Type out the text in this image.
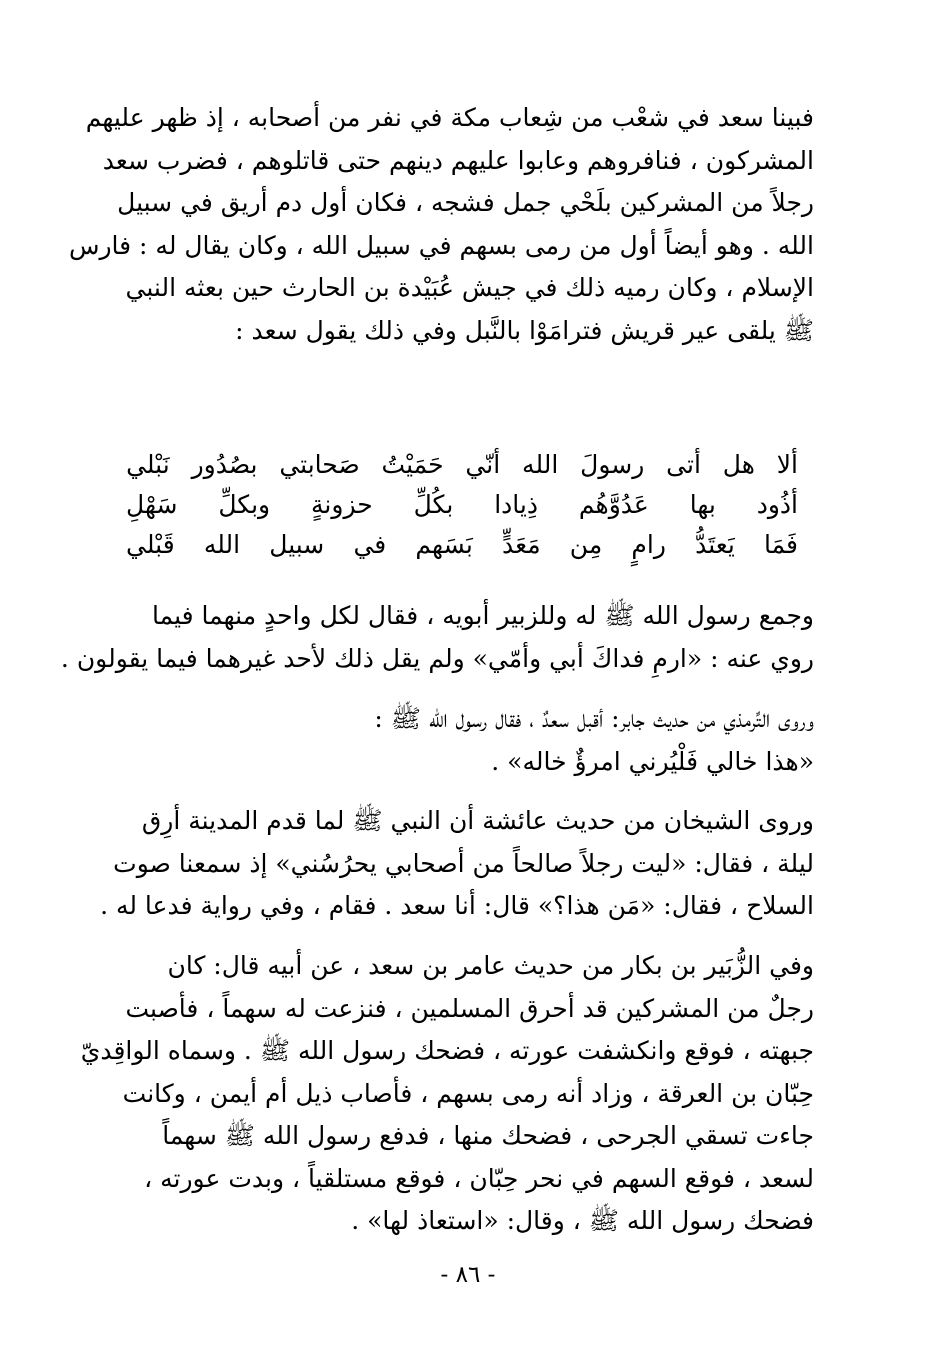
فبينا سعد في شعْب من شِعاب مكة في نفر من أصحابه ، إذ ظهر عليهم
المشركون ، فنافروهم وعابوا عليهم دينهم حتى قاتلوهم ، فضرب سعد
رجلاً من المشركين بلَحْي جمل فشجه ، فكان أول دم أريق في سبيل
الله . وهو أيضاً أول من رمى بسهم في سبيل الله ، وكان يقال له : فارس
الإسلام ، وكان رميه ذلك في جيش عُبَيْدة بن الحارث حين بعثه النبي
ﷺ يلقى عير قريش فترامَوْا بالنَّبل وفي ذلك يقول سعد :
ألا
هل
أتى
رسولَ
الله
أنّي
حَمَيْتُ
صَحابتي
بصُدُور
نَبْلي
أذُود
بها
عَدُوَّهُم
ذِيادا
بكُلِّ
حزونةٍ
وبكلِّ
سَهْلِ
فَمَا
يَعتَدُّ
رامٍ
مِن
مَعَدٍّ
بَسَهم
في
سبيل
الله
قَبْلي
وجمع رسول الله ﷺ له وللزبير أبويه ، فقال لكل واحدٍ منهما فيما
روي عنه : «ارمِ فداكَ أبي وأمّي» ولم يقل ذلك لأحد غيرهما فيما يقولون .
وروى التِّرمذي من حديث جابر: أقبل سعدٌ ، فقال رسول الله ﷺ :
«هذا خالي فَلْيُرني امرؤٌ خاله» .
وروى الشيخان من حديث عائشة أن النبي ﷺ لما قدم المدينة أرِق
ليلة ، فقال: «ليت رجلاً صالحاً من أصحابي يحرُسُني» إذ سمعنا صوت
السلاح ، فقال: «مَن هذا؟» قال: أنا سعد . فقام ، وفي رواية فدعا له .
وفي الزُّبَير بن بكار من حديث عامر بن سعد ، عن أبيه قال: كان
رجلٌ من المشركين قد أحرق المسلمين ، فنزعت له سهماً ، فأصبت
جبهته ، فوقع وانكشفت عورته ، فضحك رسول الله ﷺ . وسماه الواقِديّ
حِبّان بن العرقة ، وزاد أنه رمى بسهم ، فأصاب ذيل أم أيمن ، وكانت
جاءت تسقي الجرحى ، فضحك منها ، فدفع رسول الله ﷺ سهماً
لسعد ، فوقع السهم في نحر حِبّان ، فوقع مستلقياً ، وبدت عورته ،
فضحك رسول الله ﷺ ، وقال: «استعاذ لها» .
- ٨٦ -
